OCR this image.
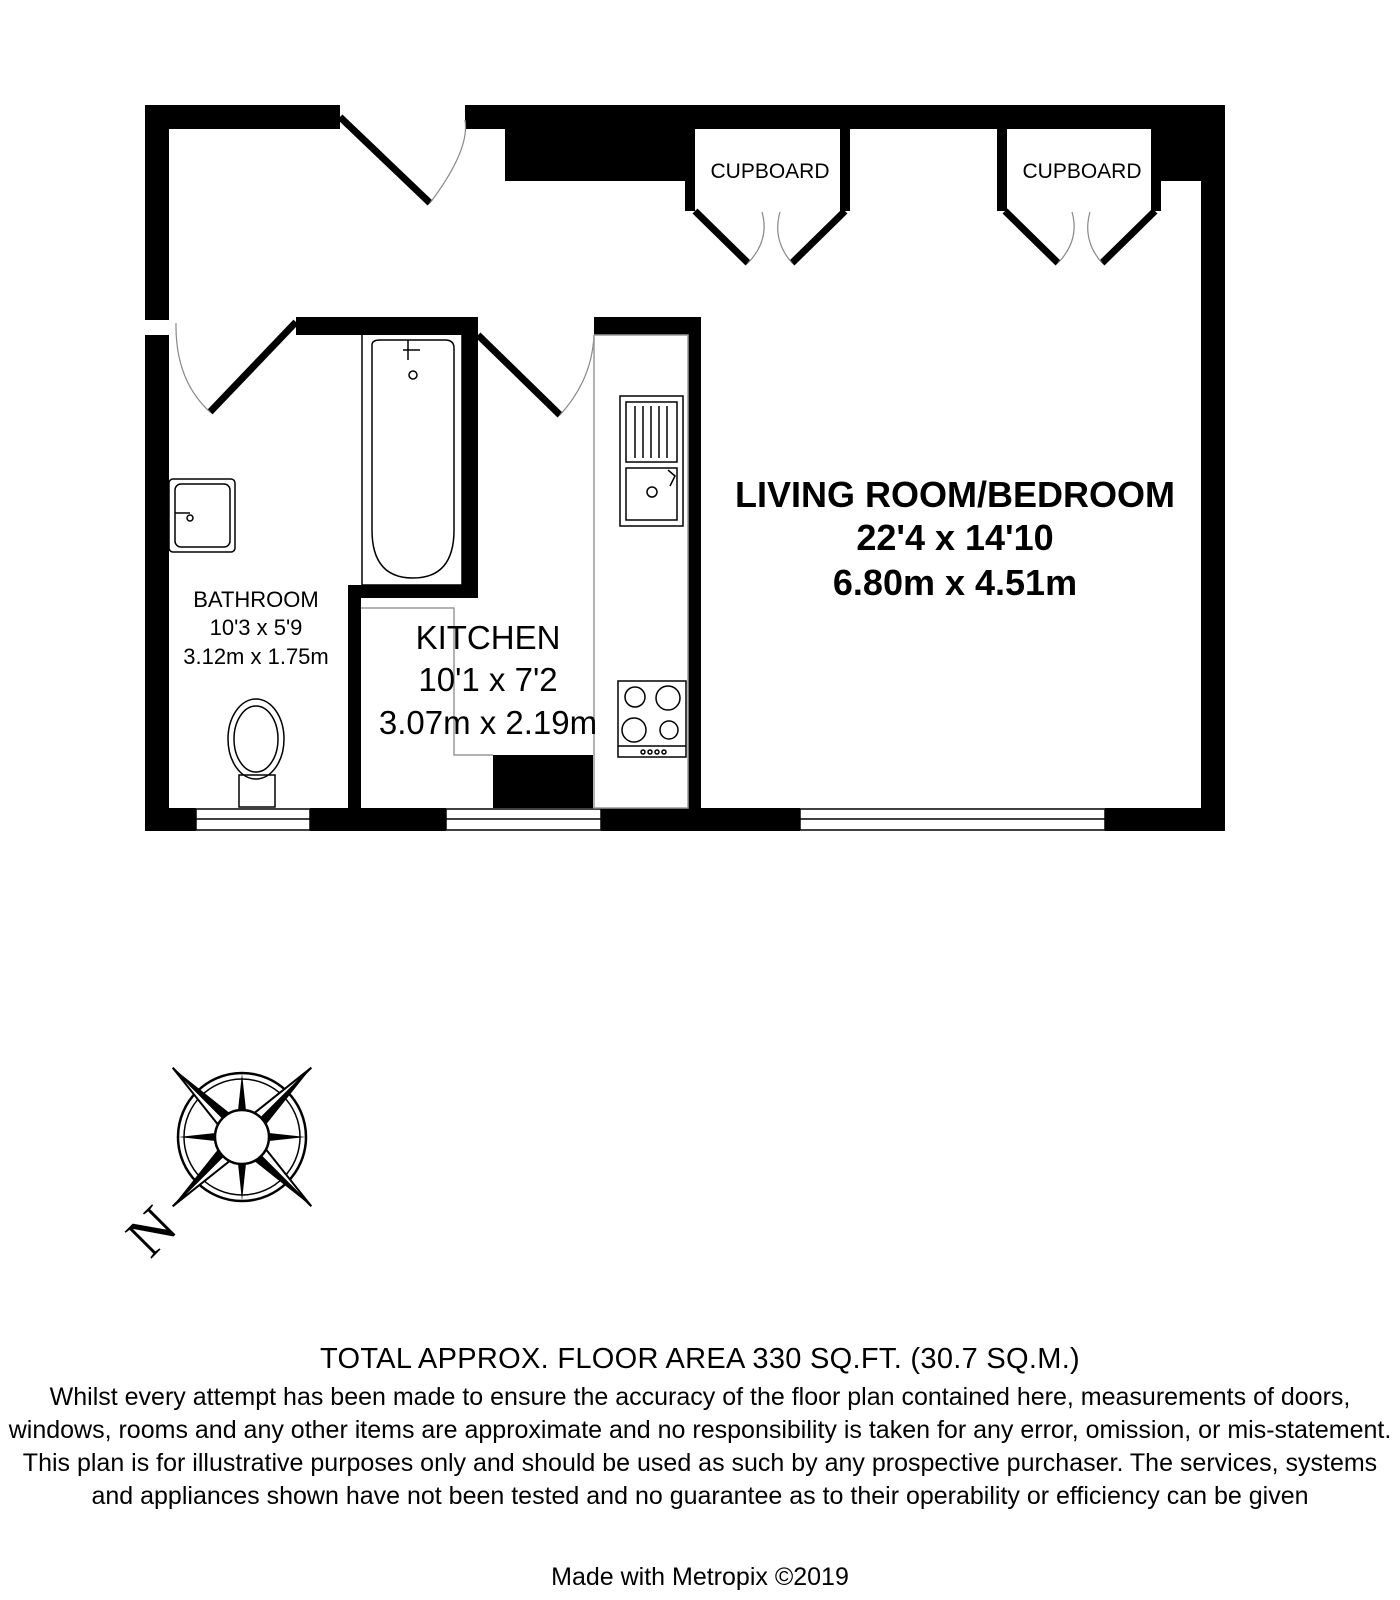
CUPBOARD	CUPBOARD
LIVING ROOM/BEDROOM
22'4 x 14'10
6.80m x 4.51m
KITCHEN
10'1 x 7'2
3.07m x 2.19m
BATHROOM
10'3 x 5'9
3.12m x 1.75m
N
TOTAL APPROX. FLOOR AREA 330 SQ.FT. (30.7 SQ.M.)
Whilst every attempt has been made to ensure the accuracy of the floor plan contained here, measurements of doors, windows, rooms and any other items are approximate and no responsibility is taken for any error, omission, or mis-statement. This plan is for illustrative purposes only and should be used as such by any prospective purchaser. The services, systems and appliances shown have not been tested and no guarantee as to their operability or efficiency can be given
Made with Metropix ©2019
